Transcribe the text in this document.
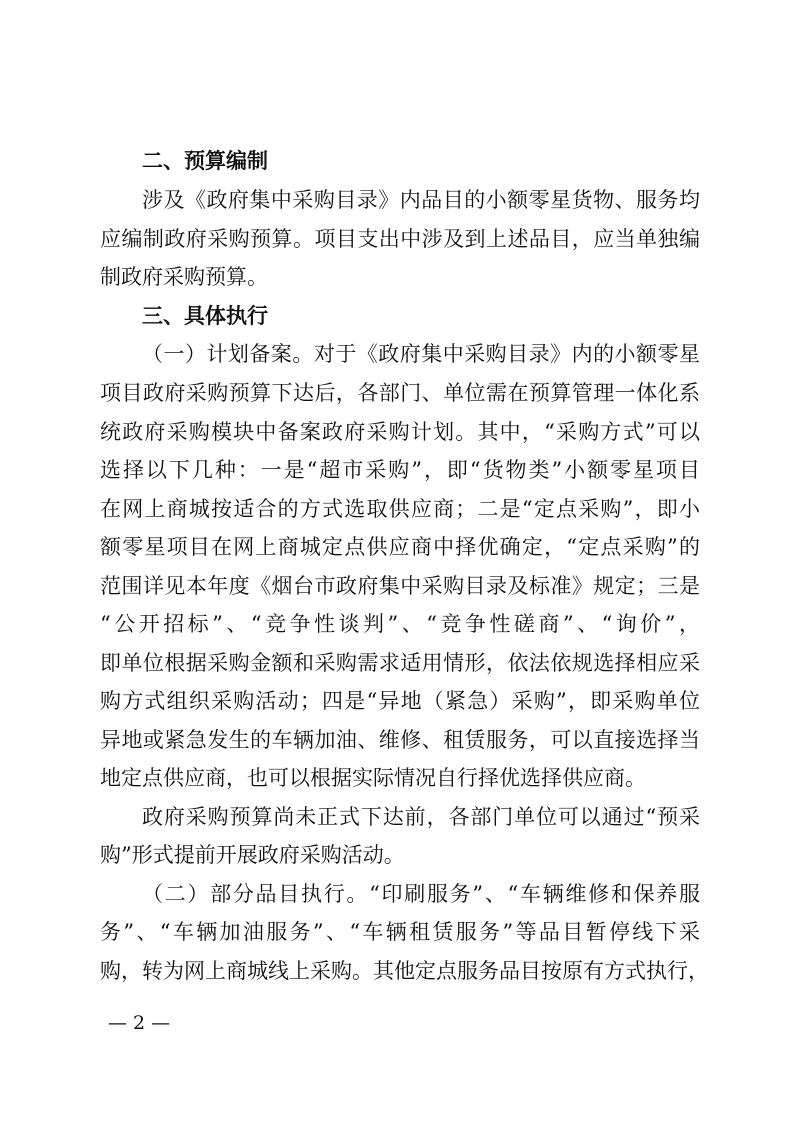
二、预算编制
涉及《政府集中采购目录》内品目的小额零星货物、服务均
应编制政府采购预算。项目支出中涉及到上述品目，应当单独编
制政府采购预算。
三、具体执行
（一）计划备案。对于《政府集中采购目录》内的小额零星
项目政府采购预算下达后，各部门、单位需在预算管理一体化系
统政府采购模块中备案政府采购计划。其中，“采购方式”可以
选择以下几种：一是“超市采购”，即“货物类”小额零星项目
在网上商城按适合的方式选取供应商；二是“定点采购”，即小
额零星项目在网上商城定点供应商中择优确定，“定点采购”的
范围详见本年度《烟台市政府集中采购目录及标准》规定；三是
“公开招标”、“竞争性谈判”、“竞争性磋商”、“询价”，
即单位根据采购金额和采购需求适用情形，依法依规选择相应采
购方式组织采购活动；四是“异地（紧急）采购”，即采购单位
异地或紧急发生的车辆加油、维修、租赁服务，可以直接选择当
地定点供应商，也可以根据实际情况自行择优选择供应商。
政府采购预算尚未正式下达前，各部门单位可以通过“预采
购”形式提前开展政府采购活动。
（二）部分品目执行。“印刷服务”、“车辆维修和保养服
务”、“车辆加油服务”、“车辆租赁服务”等品目暂停线下采
购，转为网上商城线上采购。其他定点服务品目按原有方式执行，
— 2 —
